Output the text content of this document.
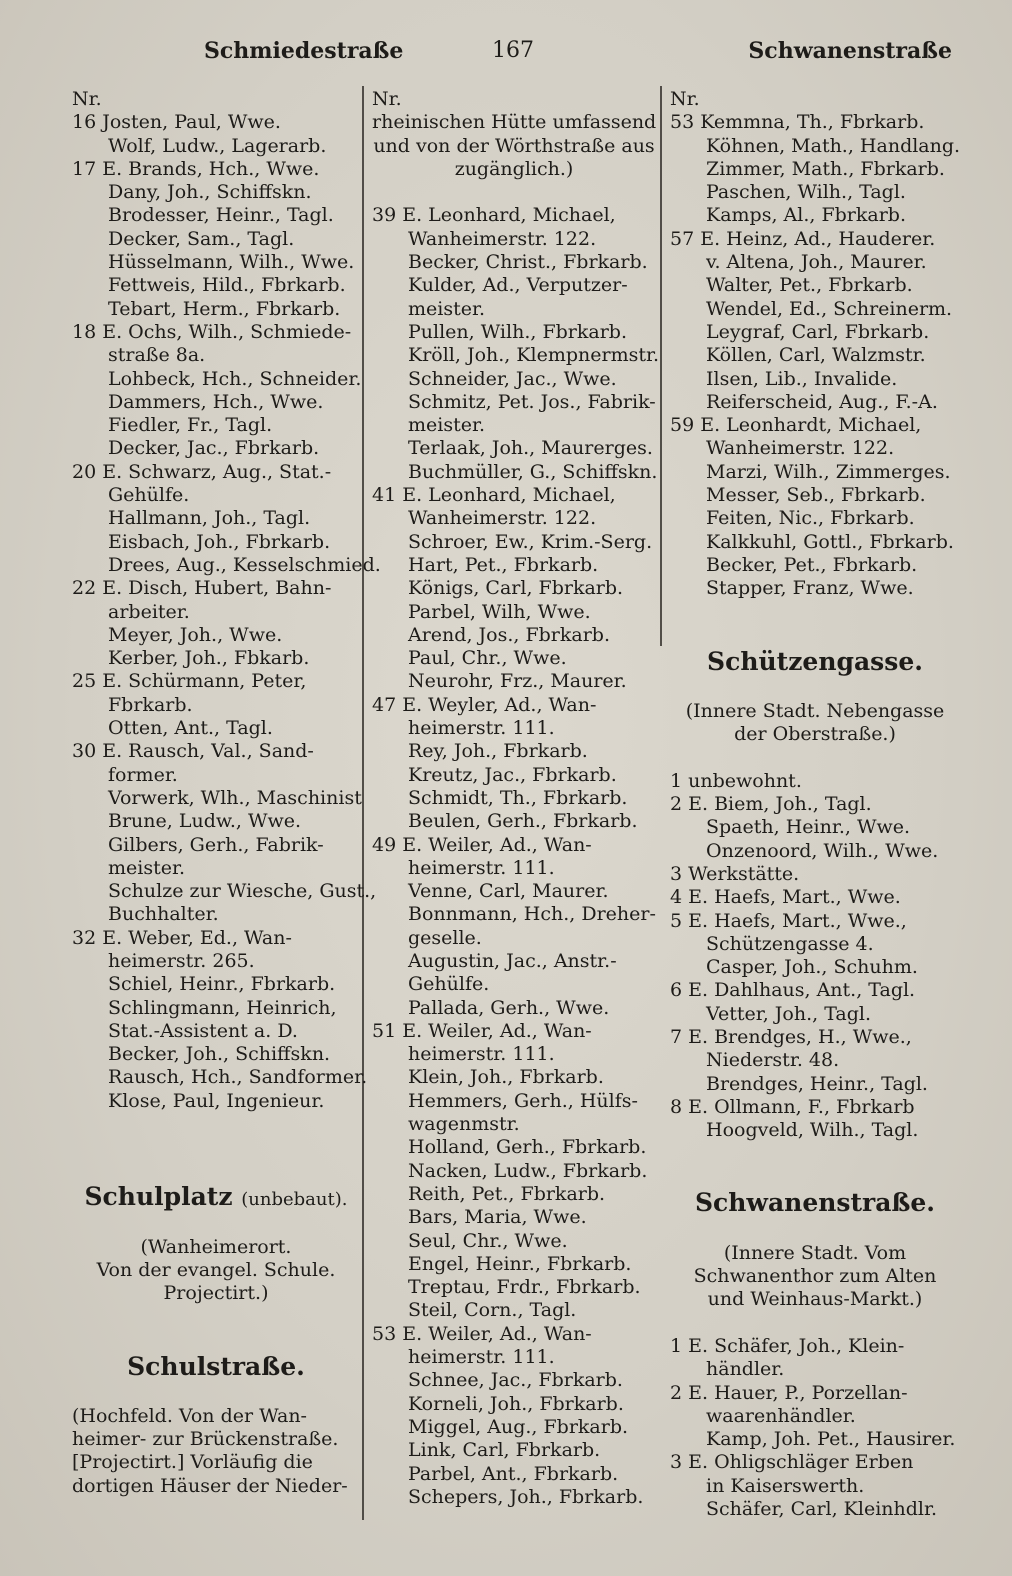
Schmiedestraße	167	Schwanenstraße
Nr.
16 Josten, Paul, Wwe.
Wolf, Ludw., Lagerarb.
17 E. Brands, Hch., Wwe.
Dany, Joh., Schiffskn.
Brodesser, Heinr., Tagl.
Decker, Sam., Tagl.
Hüsselmann, Wilh., Wwe.
Fettweis, Hild., Fbrkarb.
Tebart, Herm., Fbrkarb.
18 E. Ochs, Wilh., Schmiede-
straße 8a.
Lohbeck, Hch., Schneider.
Dammers, Hch., Wwe.
Fiedler, Fr., Tagl.
Decker, Jac., Fbrkarb.
20 E. Schwarz, Aug., Stat.-
Gehülfe.
Hallmann, Joh., Tagl.
Eisbach, Joh., Fbrkarb.
Drees, Aug., Kesselschmied.
22 E. Disch, Hubert, Bahn-
arbeiter.
Meyer, Joh., Wwe.
Kerber, Joh., Fbkarb.
25 E. Schürmann, Peter,
Fbrkarb.
Otten, Ant., Tagl.
30 E. Rausch, Val., Sand-
former.
Vorwerk, Wlh., Maschinist
Brune, Ludw., Wwe.
Gilbers, Gerh., Fabrik-
meister.
Schulze zur Wiesche, Gust.,
Buchhalter.
32 E. Weber, Ed., Wan-
heimerstr. 265.
Schiel, Heinr., Fbrkarb.
Schlingmann, Heinrich,
Stat.-Assistent a. D.
Becker, Joh., Schiffskn.
Rausch, Hch., Sandformer.
Klose, Paul, Ingenieur.
Schulplatz (unbebaut).
(Wanheimerort.
Von der evangel. Schule.
Projectirt.)
Schulstraße.
(Hochfeld. Von der Wan-
heimer- zur Brückenstraße.
[Projectirt.] Vorläufig die
dortigen Häuser der Nieder-
Nr.
rheinischen Hütte umfassend
und von der Wörthstraße aus
zugänglich.)
39 E. Leonhard, Michael,
Wanheimerstr. 122.
Becker, Christ., Fbrkarb.
Kulder, Ad., Verputzer-
meister.
Pullen, Wilh., Fbrkarb.
Kröll, Joh., Klempnermstr.
Schneider, Jac., Wwe.
Schmitz, Pet. Jos., Fabrik-
meister.
Terlaak, Joh., Maurerges.
Buchmüller, G., Schiffskn.
41 E. Leonhard, Michael,
Wanheimerstr. 122.
Schroer, Ew., Krim.-Serg.
Hart, Pet., Fbrkarb.
Königs, Carl, Fbrkarb.
Parbel, Wilh, Wwe.
Arend, Jos., Fbrkarb.
Paul, Chr., Wwe.
Neurohr, Frz., Maurer.
47 E. Weyler, Ad., Wan-
heimerstr. 111.
Rey, Joh., Fbrkarb.
Kreutz, Jac., Fbrkarb.
Schmidt, Th., Fbrkarb.
Beulen, Gerh., Fbrkarb.
49 E. Weiler, Ad., Wan-
heimerstr. 111.
Venne, Carl, Maurer.
Bonnmann, Hch., Dreher-
geselle.
Augustin, Jac., Anstr.-
Gehülfe.
Pallada, Gerh., Wwe.
51 E. Weiler, Ad., Wan-
heimerstr. 111.
Klein, Joh., Fbrkarb.
Hemmers, Gerh., Hülfs-
wagenmstr.
Holland, Gerh., Fbrkarb.
Nacken, Ludw., Fbrkarb.
Reith, Pet., Fbrkarb.
Bars, Maria, Wwe.
Seul, Chr., Wwe.
Engel, Heinr., Fbrkarb.
Treptau, Frdr., Fbrkarb.
Steil, Corn., Tagl.
53 E. Weiler, Ad., Wan-
heimerstr. 111.
Schnee, Jac., Fbrkarb.
Korneli, Joh., Fbrkarb.
Miggel, Aug., Fbrkarb.
Link, Carl, Fbrkarb.
Parbel, Ant., Fbrkarb.
Schepers, Joh., Fbrkarb.
Nr.
53 Kemmna, Th., Fbrkarb.
Köhnen, Math., Handlang.
Zimmer, Math., Fbrkarb.
Paschen, Wilh., Tagl.
Kamps, Al., Fbrkarb.
57 E. Heinz, Ad., Hauderer.
v. Altena, Joh., Maurer.
Walter, Pet., Fbrkarb.
Wendel, Ed., Schreinerm.
Leygraf, Carl, Fbrkarb.
Köllen, Carl, Walzmstr.
Ilsen, Lib., Invalide.
Reiferscheid, Aug., F.-A.
59 E. Leonhardt, Michael,
Wanheimerstr. 122.
Marzi, Wilh., Zimmerges.
Messer, Seb., Fbrkarb.
Feiten, Nic., Fbrkarb.
Kalkkuhl, Gottl., Fbrkarb.
Becker, Pet., Fbrkarb.
Stapper, Franz, Wwe.
Schützengasse.
(Innere Stadt. Nebengasse
der Oberstraße.)
1 unbewohnt.
2 E. Biem, Joh., Tagl.
Spaeth, Heinr., Wwe.
Onzenoord, Wilh., Wwe.
3 Werkstätte.
4 E. Haefs, Mart., Wwe.
5 E. Haefs, Mart., Wwe.,
Schützengasse 4.
Casper, Joh., Schuhm.
6 E. Dahlhaus, Ant., Tagl.
Vetter, Joh., Tagl.
7 E. Brendges, H., Wwe.,
Niederstr. 48.
Brendges, Heinr., Tagl.
8 E. Ollmann, F., Fbrkarb
Hoogveld, Wilh., Tagl.
Schwanenstraße.
(Innere Stadt. Vom
Schwanenthor zum Alten
und Weinhaus-Markt.)
1 E. Schäfer, Joh., Klein-
händler.
2 E. Hauer, P., Porzellan-
waarenhändler.
Kamp, Joh. Pet., Hausirer.
3 E. Ohligschläger Erben
in Kaiserswerth.
Schäfer, Carl, Kleinhdlr.
